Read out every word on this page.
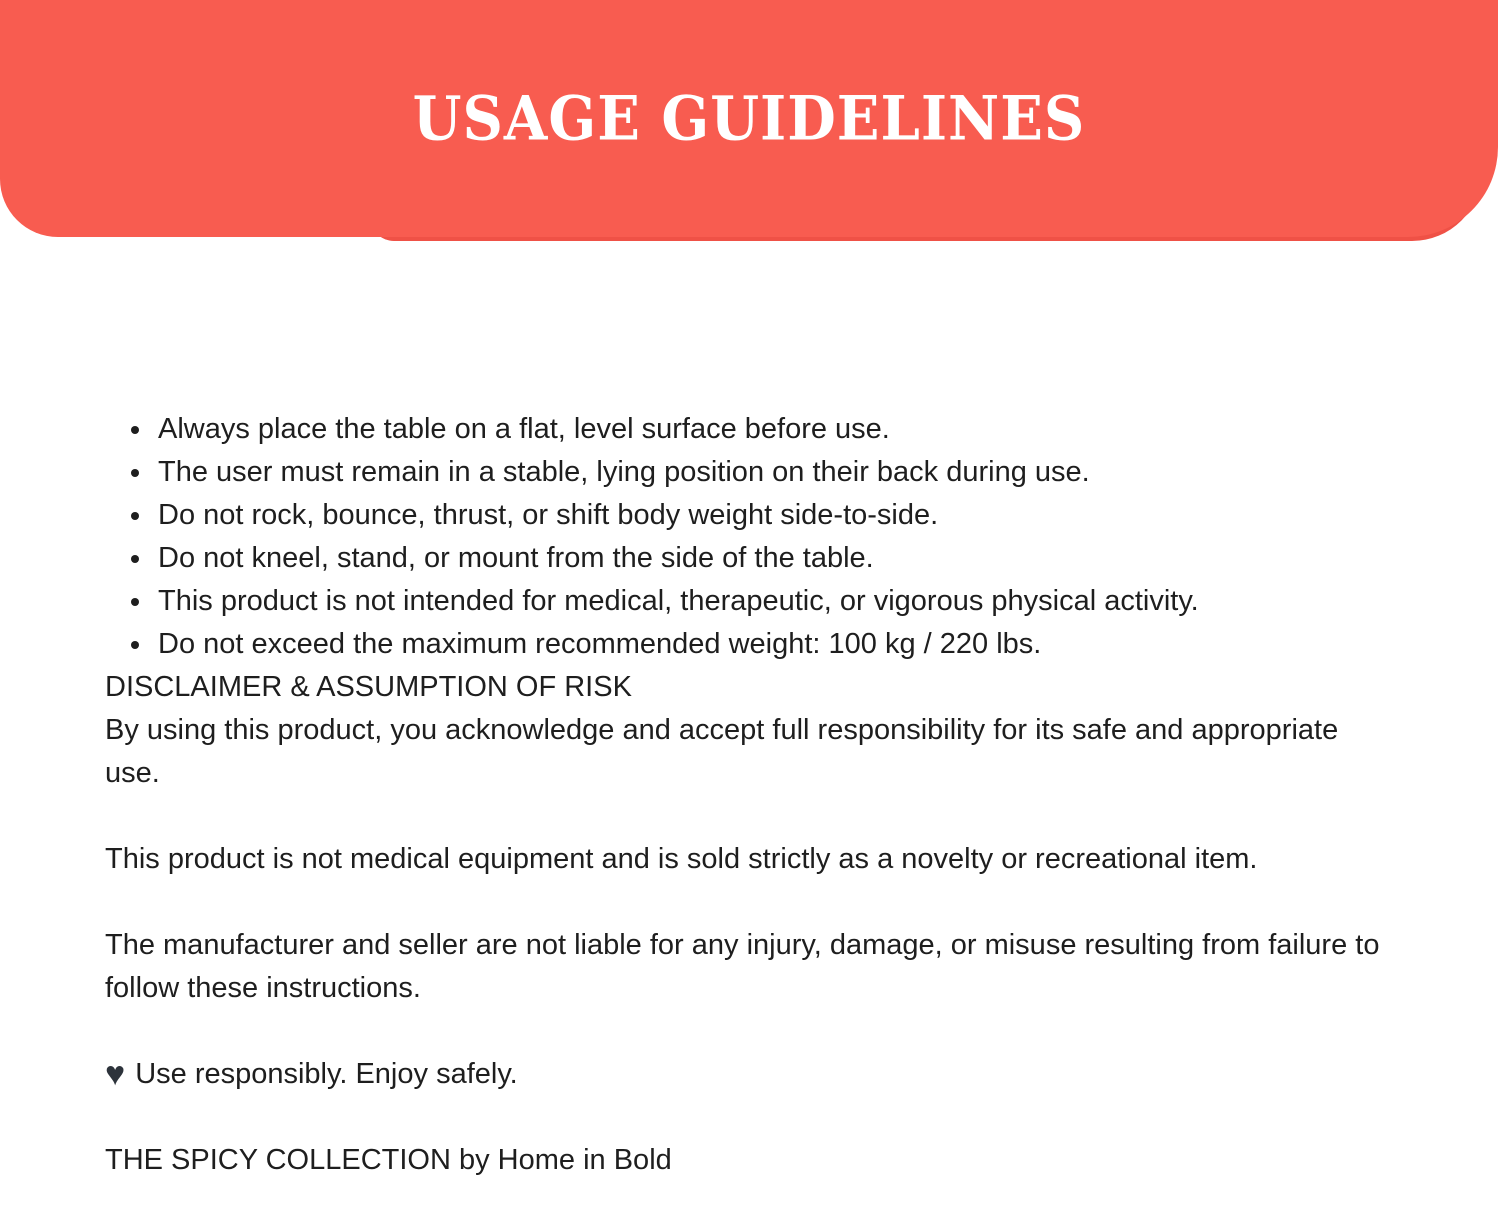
USAGE GUIDELINES
Always place the table on a flat, level surface before use.
The user must remain in a stable, lying position on their back during use.
Do not rock, bounce, thrust, or shift body weight side-to-side.
Do not kneel, stand, or mount from the side of the table.
This product is not intended for medical, therapeutic, or vigorous physical activity.
Do not exceed the maximum recommended weight: 100 kg / 220 lbs.

DISCLAIMER & ASSUMPTION OF RISK

By using this product, you acknowledge and accept full responsibility for its safe and appropriate use.

This product is not medical equipment and is sold strictly as a novelty or recreational item.

The manufacturer and seller are not liable for any injury, damage, or misuse resulting from failure to follow these instructions.

♥ Use responsibly. Enjoy safely.

THE SPICY COLLECTION by Home in Bold
